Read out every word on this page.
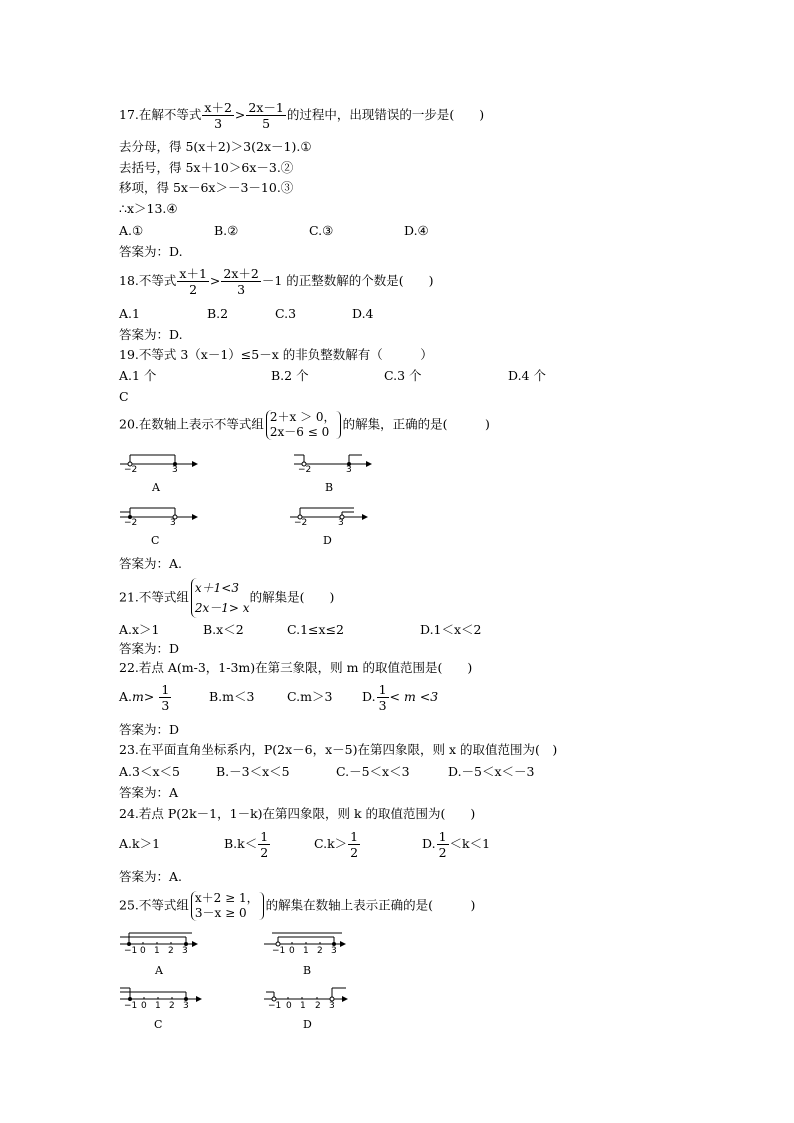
17.在解不等式 $\frac{x+2}{3} > \frac{2x-1}{5}$ 的过程中，出现错误的一步是(　　)
去分母，得 5(x＋2)＞3(2x－1).①
去括号，得 5x＋10＞6x－3.②
移项，得 5x－6x＞－3－10.③
∴x＞13.④
A.①	B.②	C.③	D.④
答案为：D.
18.不等式 $\frac{x+1}{2} > \frac{2x+2}{3} -1$ 的正整数解的个数是(　　)
A.1	B.2	C.3	D.4
答案为：D.
19.不等式 3（x－1）≤5－x 的非负整数解有（　　　）
A.1 个	B.2 个	C.3 个	D.4 个
C
20.在数轴上表示不等式组 2＋x ＞ 0，
2x－6 ≤ 0
的解集，正确的是(　　　)
−2	3
A
−2	3
B
−2	3
C
−2	3
D
答案为：A.
21.不等式组
x＋1<3
2x－1> x
的解集是(　　)
A.x＞1	B.x＜2	C.1≤x≤2	D.1＜x＜2
答案为：D
22.若点 A(m-3，1-3m)在第三象限，则 m 的取值范围是(　　)
$A.m> \frac{1}{3}$	B.m＜3	C.m＞3 D. $\frac{1}{3} < m <3$
答案为：D
23.在平面直角坐标系内，P(2x－6，x－5)在第四象限，则 x 的取值范围为(　)
A.3＜x＜5	B.－3＜x＜5	C.－5＜x＜3	D.－5＜x＜－3
答案为：A
24.若点 P(2k－1，1－k)在第四象限，则 k 的取值范围为(　　)
A.k＞1	$B.k< \frac{1}{2}$	$C.k> \frac{1}{2}$	D. $\frac{1}{2} <k<1$
答案为：A.
25.不等式组 x＋2 ≥ 1，
3－x ≥ 0
的解集在数轴上表示正确的是(　　　)
−1 0 1 2 3
A
−1 0 1 2 3
B
−1 0 1 2 3
C
−1 0 1 2 3
D
